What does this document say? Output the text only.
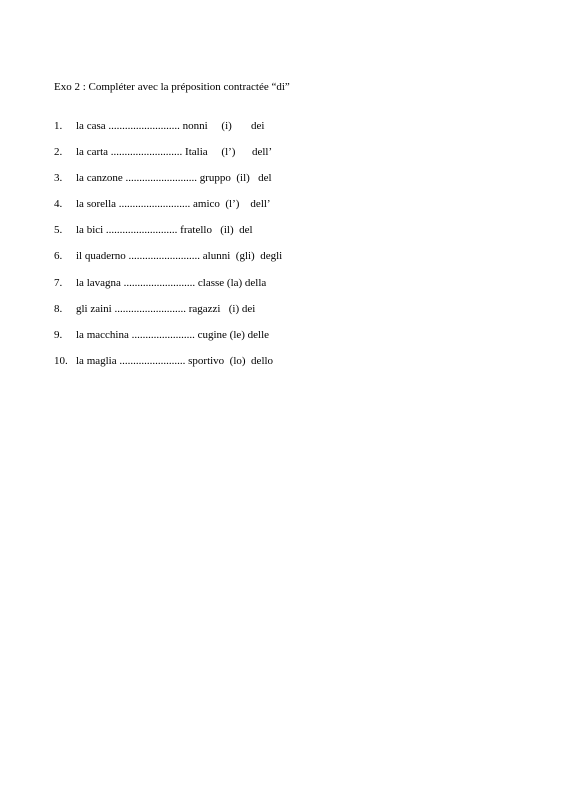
Exo 2 : Compléter avec la préposition contractée “di”

1.

la casa .......................... nonni     (i)       dei

2.

la carta .......................... Italia     (l’)      dell’

3.

la canzone .......................... gruppo  (il)   del

4.

la sorella .......................... amico  (l’)    dell’

5.

la bici .......................... fratello   (il)  del

6.

il quaderno .......................... alunni  (gli)  degli

7.

la lavagna .......................... classe (la) della

8.

gli zaini .......................... ragazzi   (i) dei

9.

la macchina ....................... cugine (le) delle

10.

la maglia ........................ sportivo  (lo)  dello
